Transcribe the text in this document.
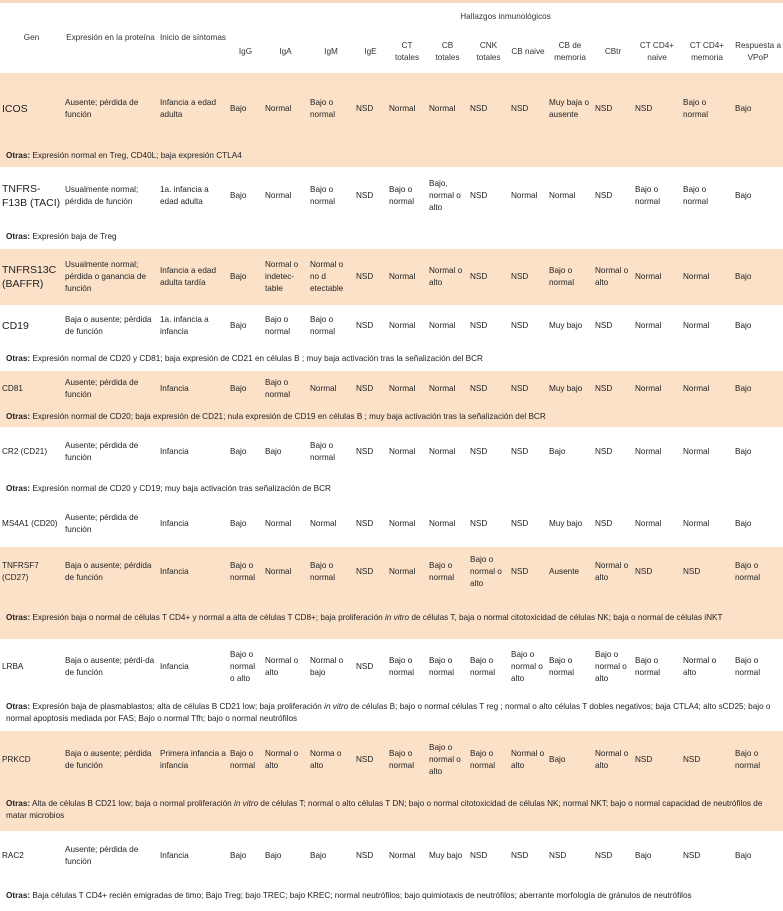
Gen	Expresión en la proteína	Inicio de síntomas	Hallazgos inmunológicos												
			IgG	IgA	IgM	IgE	CT totales	CB totales	CNK totales	CB naive	CB de memoria	CBtr	CT CD4+ naive	CT CD4+ memoria	Respuesta a VPoP
ICOS	Ausente; pérdida de función	Infancia a edad adulta	Bajo	Normal	Bajo o normal	NSD	Normal	Normal	NSD	NSD	Muy baja o ausente	NSD	NSD	Bajo o normal	Bajo
Otras: Expresión normal en Treg, CD40L; baja expresión CTLA4															
TNFRS-F13B (TACI)	Usualmente normal; pérdida de función	1a. infancia a edad adulta	Bajo	Normal	Bajo o normal	NSD	Bajo o normal	Bajo, normal o alto	NSD	Normal	Normal	NSD	Bajo o normal	Bajo o normal	Bajo
Otras: Expresión baja de Treg															
TNFRS13C (BAFFR)	Usualmente normal; pérdida o ganancia de función	Infancia a edad adulta tardía	Bajo	Normal o indetec-table	Normal o no d etectable	NSD	Normal	Normal o alto	NSD	NSD	Bajo o normal	Normal o alto	Normal	Normal	Bajo
CD19	Baja o ausente; pérdida de función	1a. infancia a infancia	Bajo	Bajo o normal	Bajo o normal	NSD	Normal	Normal	NSD	NSD	Muy bajo	NSD	Normal	Normal	Bajo
Otras: Expresión normal de CD20 y CD81; baja expresión de CD21 en células B ; muy baja activación tras la señalización del BCR															
CD81	Ausente; pérdida de función	Infancia	Bajo	Bajo o normal	Normal	NSD	Normal	Normal	NSD	NSD	Muy bajo	NSD	Normal	Normal	Bajo
Otras: Expresión normal de CD20; baja expresión de CD21; nula expresión de CD19 en células B ; muy baja activación tras la señalización del BCR															
CR2 (CD21)	Ausente; pérdida de función	Infancia	Bajo	Bajo	Bajo o normal	NSD	Normal	Normal	NSD	NSD	Bajo	NSD	Normal	Normal	Bajo
Otras: Expresión normal de CD20 y CD19; muy baja activación tras señalización de BCR															
MS4A1 (CD20)	Ausente; pérdida de función	Infancia	Bajo	Normal	Normal	NSD	Normal	Normal	NSD	NSD	Muy bajo	NSD	Normal	Normal	Bajo
TNFRSF7 (CD27)	Baja o ausente; pérdida de función	Infancia	Bajo o normal	Normal	Bajo o normal	NSD	Normal	Bajo o normal	Bajo o normal o alto	NSD	Ausente	Normal o alto	NSD	NSD	Bajo o normal
Otras: Expresión baja o normal de células T CD4+ y normal a alta de células T CD8+; baja proliferación in vitro de células T, baja o normal citotoxicidad de células NK; baja o normal de células iNKT															
LRBA	Baja o ausente; pérdi-da de función	Infancia	Bajo o normal o alto	Normal o alto	Normal o bajo	NSD	Bajo o normal	Bajo o normal	Bajo o normal	Bajo o normal o alto	Bajo o normal	Bajo o normal o alto	Bajo o normal	Normal o alto	Bajo o normal
Otras: Expresión baja de plasmablastos; alta de células B CD21 low; baja proliferación in vitro de células B; bajo o normal células T reg ; normal o alto células T dobles negativos; baja CTLA4; alto sCD25; bajo o normal apoptosis mediada por FAS; Bajo o normal Tfh; bajo o normal neutrófilos															
PRKCD	Baja o ausente; pérdida de función	Primera infancia a infancia	Bajo o normal	Normal o alto	Norma o alto	NSD	Bajo o normal	Bajo o normal o alto	Bajo o normal	Normal o alto	Bajo	Normal o alto	NSD	NSD	Bajo o normal
Otras: Alta de células B CD21 low; baja o normal proliferación in vitro de células T; normal o alto células T DN; bajo o normal citotoxicidad de células NK; normal NKT; bajo o normal capacidad de neutrófilos de matar microbios															
RAC2	Ausente; pérdida de función	Infancia	Bajo	Bajo	Bajo	NSD	Normal	Muy bajo	NSD	NSD	NSD	NSD	Bajo	NSD	Bajo
Otras: Baja células T CD4+ recién emigradas de timo; Bajo Treg; bajo TREC; bajo KREC; normal neutrófilos; bajo quimiotaxis de neutrófilos; aberrante morfología de gránulos de neutrófilos															
